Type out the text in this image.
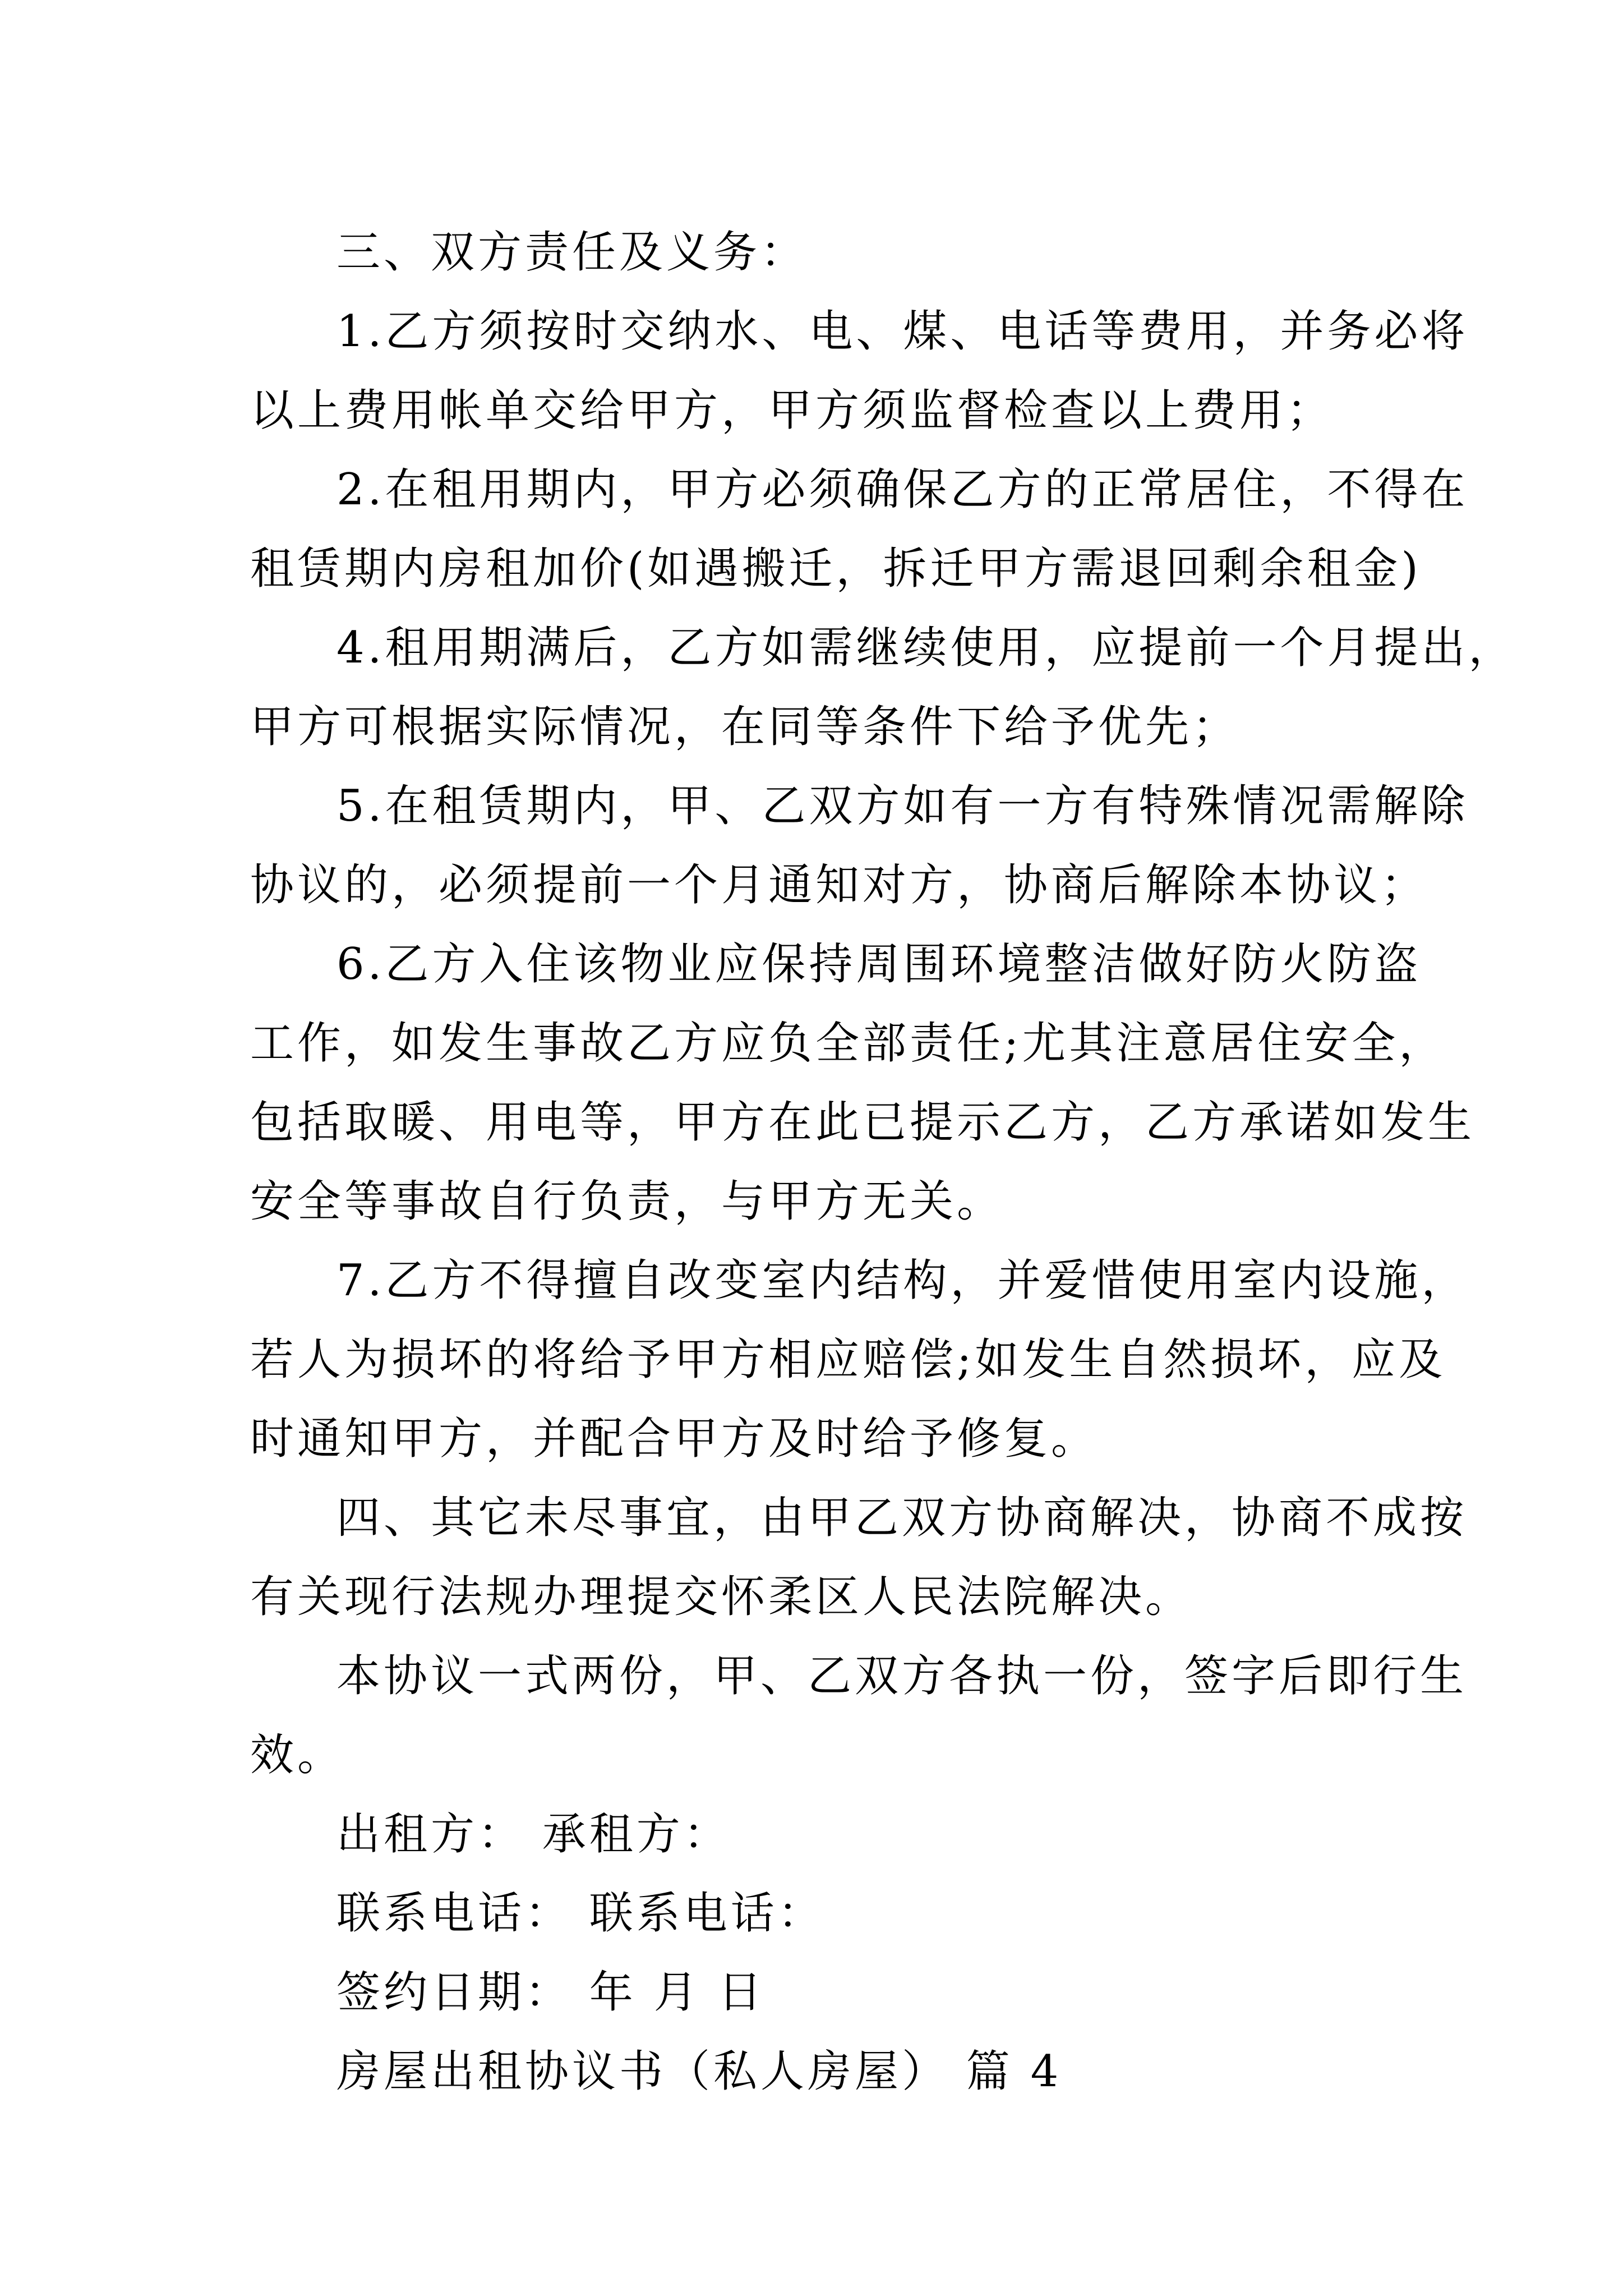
三、双方责任及义务：
1.乙方须按时交纳水、电、煤、电话等费用，并务必将
以上费用帐单交给甲方，甲方须监督检查以上费用；
2.在租用期内，甲方必须确保乙方的正常居住，不得在
租赁期内房租加价(如遇搬迁，拆迁甲方需退回剩余租金)
4.租用期满后，乙方如需继续使用，应提前一个月提出，
甲方可根据实际情况，在同等条件下给予优先；
5.在租赁期内，甲、乙双方如有一方有特殊情况需解除
协议的，必须提前一个月通知对方，协商后解除本协议；
6.乙方入住该物业应保持周围环境整洁做好防火防盗
工作，如发生事故乙方应负全部责任;尤其注意居住安全，
包括取暖、用电等，甲方在此已提示乙方，乙方承诺如发生
安全等事故自行负责，与甲方无关。
7.乙方不得擅自改变室内结构，并爱惜使用室内设施，
若人为损坏的将给予甲方相应赔偿;如发生自然损坏，应及
时通知甲方，并配合甲方及时给予修复。
四、其它未尽事宜，由甲乙双方协商解决，协商不成按
有关现行法规办理提交怀柔区人民法院解决。
本协议一式两份，甲、乙双方各执一份，签字后即行生
效。
出租方： 承租方：
联系电话： 联系电话：
签约日期： 年 月 日
房屋出租协议书（私人房屋） 篇 4
